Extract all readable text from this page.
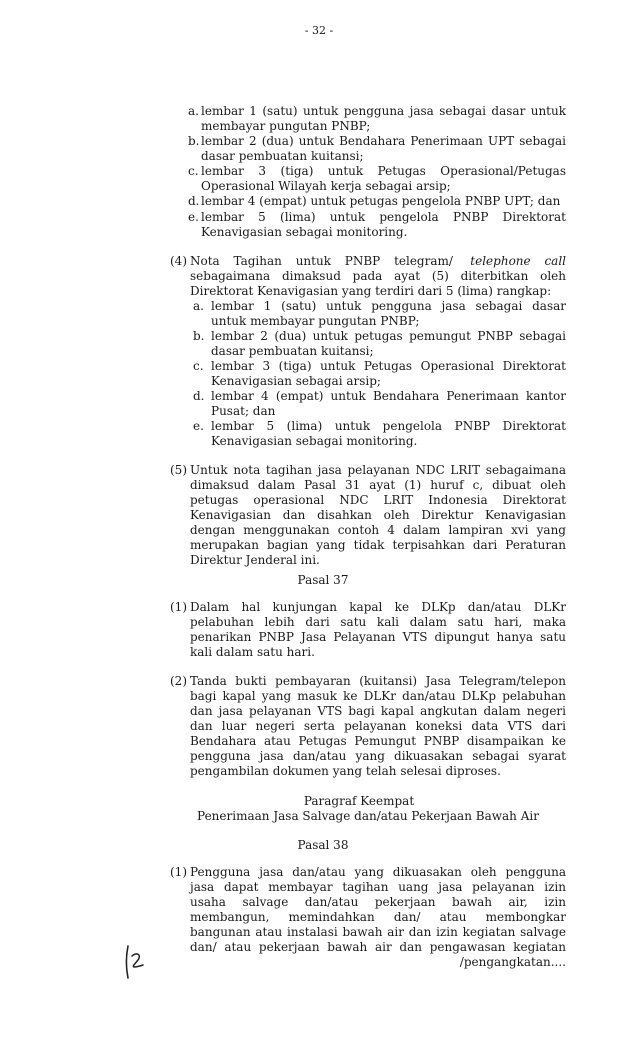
- 32 -
a. lembar 1 (satu) untuk pengguna jasa sebagai dasar untuk
membayar pungutan PNBP;
b. lembar 2 (dua) untuk Bendahara Penerimaan UPT sebagai
dasar pembuatan kuitansi;
c. lembar 3 (tiga) untuk Petugas Operasional/Petugas
Operasional Wilayah kerja sebagai arsip;
d. lembar 4 (empat) untuk petugas pengelola PNBP UPT; dan
e. lembar 5 (lima) untuk pengelola PNBP Direktorat
Kenavigasian sebagai monitoring.
(4) Nota Tagihan untuk PNBP telegram/ telephone call
sebagaimana dimaksud pada ayat (5) diterbitkan oleh
Direktorat Kenavigasian yang terdiri dari 5 (lima) rangkap:
a. lembar 1 (satu) untuk pengguna jasa sebagai dasar
untuk membayar pungutan PNBP;
b. lembar 2 (dua) untuk petugas pemungut PNBP sebagai
dasar pembuatan kuitansi;
c. lembar 3 (tiga) untuk Petugas Operasional Direktorat
Kenavigasian sebagai arsip;
d. lembar 4 (empat) untuk Bendahara Penerimaan kantor
Pusat; dan
e. lembar 5 (lima) untuk pengelola PNBP Direktorat
Kenavigasian sebagai monitoring.
(5) Untuk nota tagihan jasa pelayanan NDC LRIT sebagaimana
dimaksud dalam Pasal 31 ayat (1) huruf c, dibuat oleh
petugas operasional NDC LRIT Indonesia Direktorat
Kenavigasian dan disahkan oleh Direktur Kenavigasian
dengan menggunakan contoh 4 dalam lampiran xvi yang
merupakan bagian yang tidak terpisahkan dari Peraturan
Direktur Jenderal ini.
Pasal 37
(1) Dalam hal kunjungan kapal ke DLKp dan/atau DLKr
pelabuhan lebih dari satu kali dalam satu hari, maka
penarikan PNBP Jasa Pelayanan VTS dipungut hanya satu
kali dalam satu hari.
(2) Tanda bukti pembayaran (kuitansi) Jasa Telegram/telepon
bagi kapal yang masuk ke DLKr dan/atau DLKp pelabuhan
dan jasa pelayanan VTS bagi kapal angkutan dalam negeri
dan luar negeri serta pelayanan koneksi data VTS dari
Bendahara atau Petugas Pemungut PNBP disampaikan ke
pengguna jasa dan/atau yang dikuasakan sebagai syarat
pengambilan dokumen yang telah selesai diproses.
Paragraf Keempat
Penerimaan Jasa Salvage dan/atau Pekerjaan Bawah Air
Pasal 38
(1) Pengguna jasa dan/atau yang dikuasakan oleh pengguna
jasa dapat membayar tagihan uang jasa pelayanan izin
usaha salvage dan/atau pekerjaan bawah air, izin
membangun, memindahkan dan/ atau membongkar
bangunan atau instalasi bawah air dan izin kegiatan salvage
dan/ atau pekerjaan bawah air dan pengawasan kegiatan
/pengangkatan....
